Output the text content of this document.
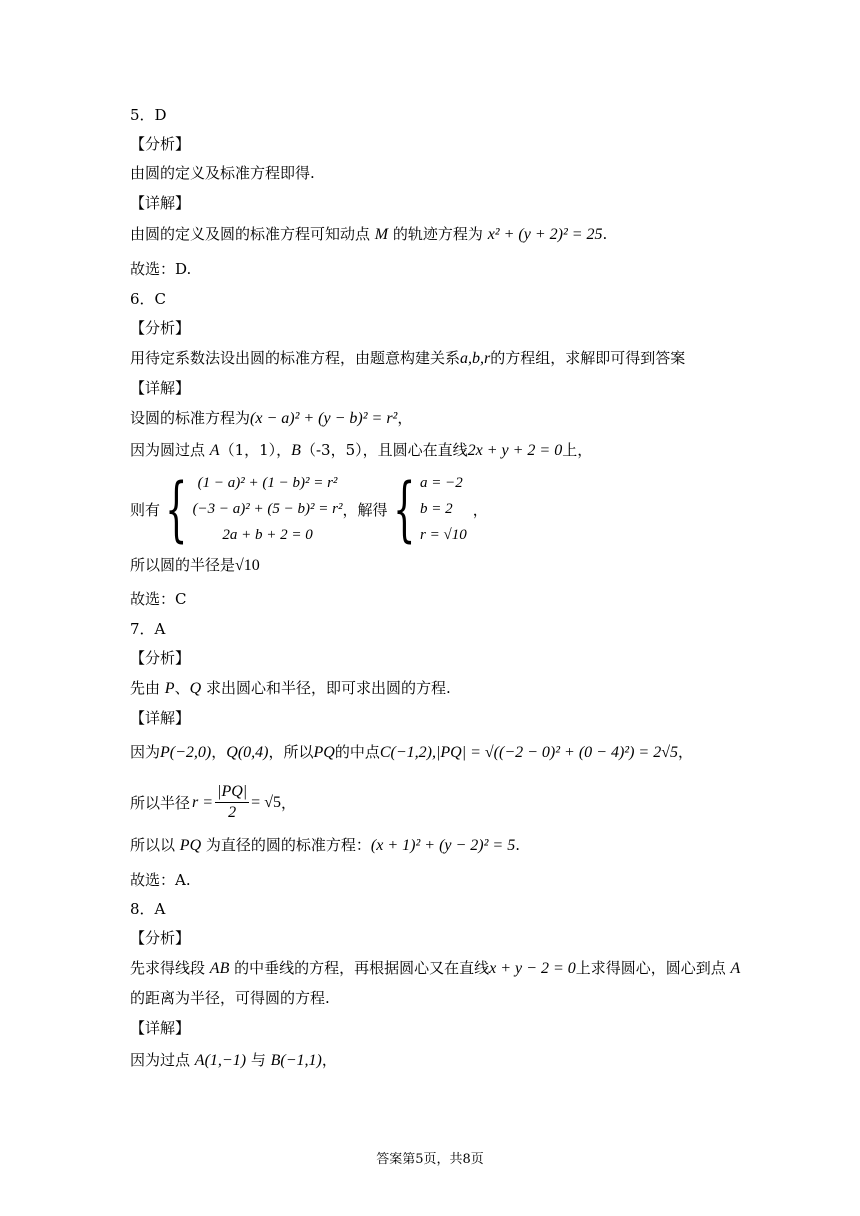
5．D
【分析】
由圆的定义及标准方程即得.
【详解】
由圆的定义及圆的标准方程可知动点 M 的轨迹方程为 x² + (y + 2)² = 25.
故选：D.
6．C
【分析】
用待定系数法设出圆的标准方程，由题意构建关系a,b,r的方程组，求解即可得到答案
【详解】
设圆的标准方程为(x − a)² + (y − b)² = r²，
因为圆过点 A（1，1），B（-3，5），且圆心在直线2x + y + 2 = 0上，
则有 { (1 − a)² + (1 − b)² = r²
(−3 − a)² + (5 − b)² = r²
2a + b + 2 = 0
，解得 { a = −2
b = 2
r = √10
，
所以圆的半径是√10
故选：C
7．A
【分析】
先由 P、Q 求出圆心和半径，即可求出圆的方程.
【详解】
因为P(−2,0)，Q(0,4)，所以PQ的中点C(−1,2),|PQ| = √((−2 − 0)² + (0 − 4)²) = 2√5，
所以半径 $r = \frac{|PQ|}{2} = √5$ ，
所以以 PQ 为直径的圆的标准方程：(x + 1)² + (y − 2)² = 5.
故选：A.
8．A
【分析】
先求得线段 AB 的中垂线的方程，再根据圆心又在直线x + y − 2 = 0上求得圆心，圆心到点 A
的距离为半径，可得圆的方程.
【详解】
因为过点 A(1,−1) 与 B(−1,1)，
答案第5页，共8页
